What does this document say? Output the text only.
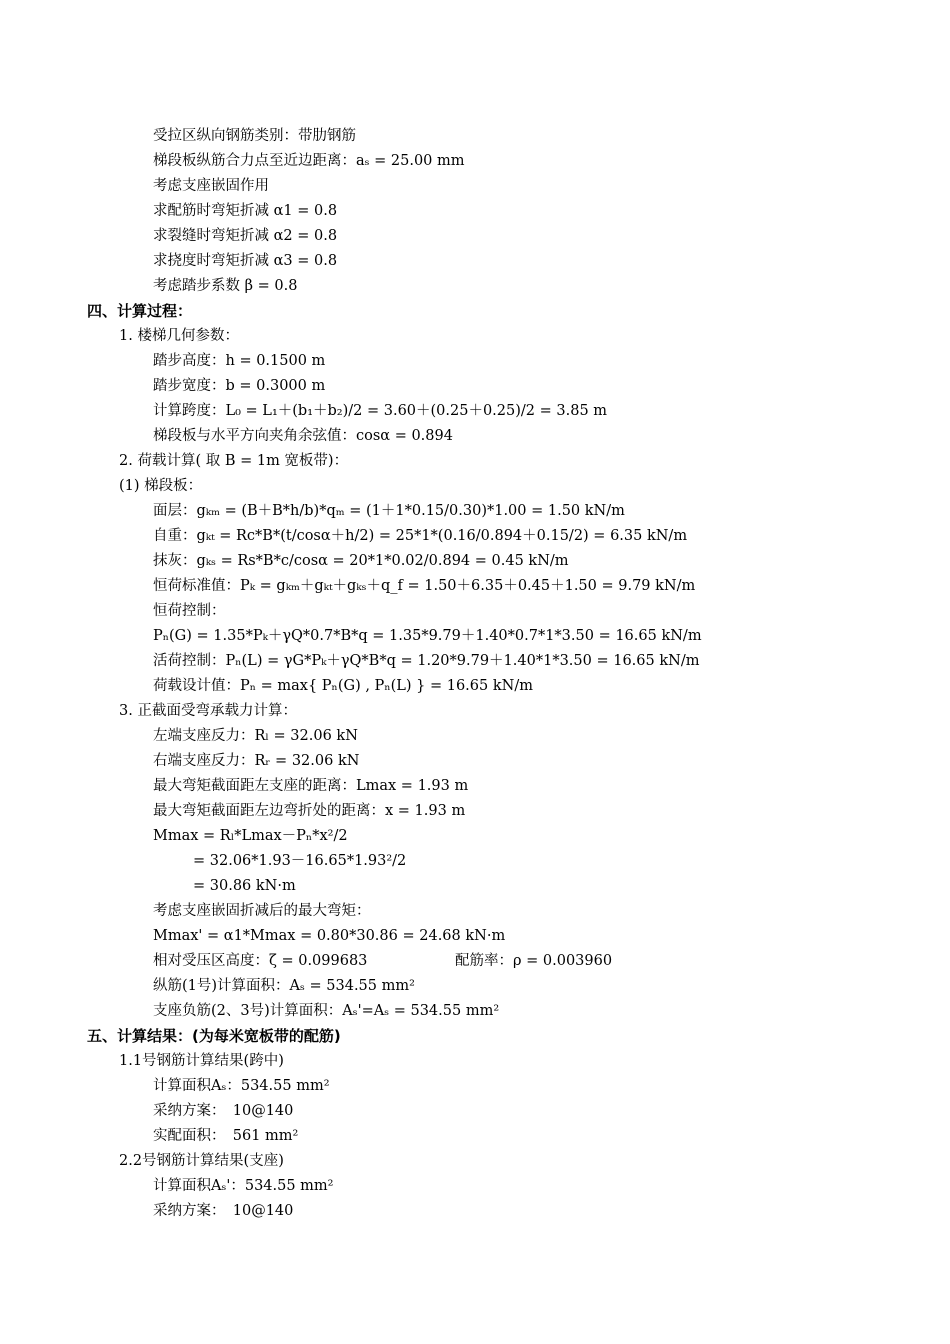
受拉区纵向钢筋类别：带肋钢筋
梯段板纵筋合力点至近边距离：aₛ = 25.00 mm
考虑支座嵌固作用
求配筋时弯矩折减 α1 = 0.8
求裂缝时弯矩折减 α2 = 0.8
求挠度时弯矩折减 α3 = 0.8
考虑踏步系数 β = 0.8
四、计算过程：
1. 楼梯几何参数：
踏步高度：h = 0.1500 m
踏步宽度：b = 0.3000 m
计算跨度：L₀ = L₁＋(b₁＋b₂)/2 = 3.60＋(0.25＋0.25)/2 = 3.85 m
梯段板与水平方向夹角余弦值：cosα = 0.894
2. 荷载计算( 取 B = 1m 宽板带)：
(1) 梯段板：
面层：gₖₘ = (B＋B*h/b)*qₘ = (1＋1*0.15/0.30)*1.00 = 1.50 kN/m
自重：gₖₜ = Rc*B*(t/cosα＋h/2) = 25*1*(0.16/0.894＋0.15/2) = 6.35 kN/m
抹灰：gₖₛ = Rs*B*c/cosα = 20*1*0.02/0.894 = 0.45 kN/m
恒荷标准值：Pₖ = gₖₘ＋gₖₜ＋gₖₛ＋q_f = 1.50＋6.35＋0.45＋1.50 = 9.79 kN/m
恒荷控制：
Pₙ(G) = 1.35*Pₖ＋γQ*0.7*B*q = 1.35*9.79＋1.40*0.7*1*3.50 = 16.65 kN/m
活荷控制：Pₙ(L) = γG*Pₖ＋γQ*B*q = 1.20*9.79＋1.40*1*3.50 = 16.65 kN/m
荷载设计值：Pₙ = max{ Pₙ(G) , Pₙ(L) } = 16.65 kN/m
3. 正截面受弯承载力计算：
左端支座反力：Rₗ = 32.06 kN
右端支座反力：Rᵣ = 32.06 kN
最大弯矩截面距左支座的距离：Lmax = 1.93 m
最大弯矩截面距左边弯折处的距离：x = 1.93 m
Mmax = Rₗ*Lmax－Pₙ*x²/2
= 32.06*1.93－16.65*1.93²/2
= 30.86 kN·m
考虑支座嵌固折减后的最大弯矩：
Mmax' = α1*Mmax = 0.80*30.86 = 24.68 kN·m
相对受压区高度：ζ = 0.099683	配筋率：ρ = 0.003960
纵筋(1号)计算面积：Aₛ = 534.55 mm²
支座负筋(2、3号)计算面积：Aₛ'=Aₛ = 534.55 mm²
五、计算结果：(为每米宽板带的配筋)
1.1号钢筋计算结果(跨中)
计算面积Aₛ：534.55 mm²
采纳方案：　10@140
实配面积：　561 mm²
2.2号钢筋计算结果(支座)
计算面积Aₛ'：534.55 mm²
采纳方案：　10@140
